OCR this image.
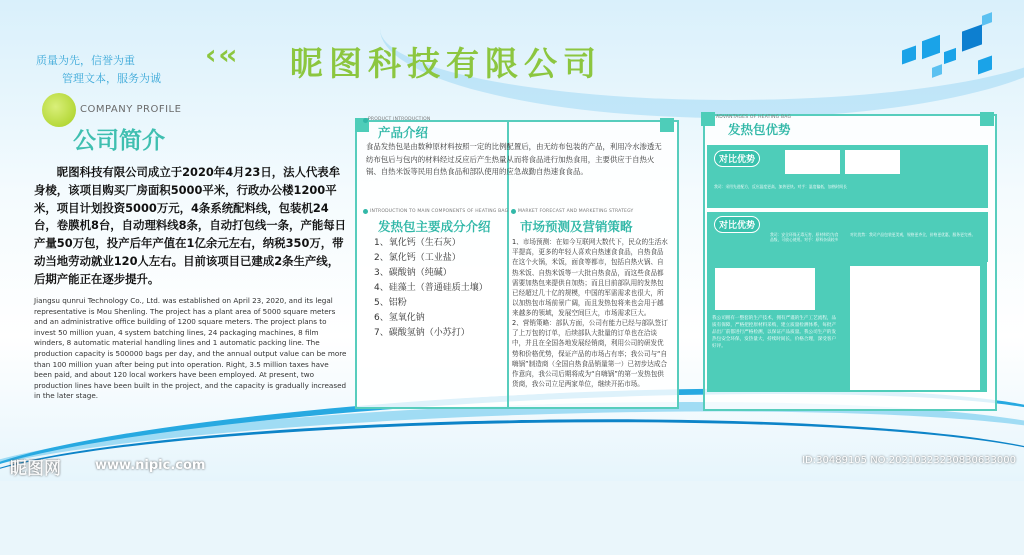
质量为先，信誉为重
管理文本，服务为诚
‹ ‹‹ 昵图科技有限公司
COMPANY PROFILE
公司简介
昵图科技有限公司成立于2020年4月23日，法人代表牟身棱，该项目购买厂房面积5000平米，行政办公楼1200平米，项目计划投资5000万元，4条系统配料线，包装机24台，卷膜机8台，自动理料线8条，自动打包线一条，产能每日产量50万包，投产后年产值在1亿余元左右，纳税350万，带动当地劳动就业120人左右。目前该项目已建成2条生产线，后期产能正在逐步提升。
Jiangsu qunrui Technology Co., Ltd. was established on April 23, 2020, and its legal representative is Mou Shenling. The project has a plant area of 5000 square meters and an administrative office building of 1200 square meters. The project plans to invest 50 million yuan, 4 system batching lines, 24 packaging machines, 8 film winders, 8 automatic material handling lines and 1 automatic packing line. The production capacity is 500000 bags per day, and the annual output value can be more than 100 million yuan after being put into operation. Right, 3.5 million taxes have been paid, and about 120 local workers have been employed. At present, two production lines have been built in the project, and the capacity is gradually increased in the later stage.
PRODUCT INTRODUCTION
产品介绍
食品发热包是由数种原材料按照一定的比例配置后，由无纺布包装的产品，利用冷水渗透无纺布包后与包内的材料经过反应后产生热量从而将食品进行加热食用，主要供应于自热火锅、自热米饭等民用自热食品和部队使用的应急战勤自热速食食品。
INTRODUCTION TO MAIN COMPONENTS OF HEATING BAG
发热包主要成分介绍
1、氧化钙（生石灰）
2、氯化钙（工业盐）
3、碳酸钠（纯碱）
4、硅藻土（普通硅质土壤）
5、铝粉
6、氢氧化钠
7、碳酸氢钠（小苏打）
MARKET FORECAST AND MARKETING STRATEGY
市场预测及营销策略
1、市场预测：在如今互联网大数代下，民众的生活水平提高，更多的年轻人喜欢自热速食食品，自热食品在这个火锅，米饭，面食等都市，包括自热火锅、自热米饭、自热米饭等一大批自热食品，而这些食品都需要加热包来提供自加热；而且目前部队用的发热包已经超过几十亿的规模，中国的军需需求也很大，所以加热包市场前景广阔，而且发热包将来也会用于越来越多的领域，发展空间巨大，市场需求巨大。
2、营销策略：部队方面，公司有能力已经与部队签订了上万包的订单，后续部队大批量的订单也在洽谈中，并且在全国各地发展经销商，利用公司的研发优势和价格优势，保证产品的市场占有率；我公司与“自嗨锅”制造商（全国自热食品销量第一）已初步达成合作意向，我公司后期将成为“自嗨锅”的第一发热包供货商，我公司立足两家单位，继续开拓市场。
ADVANTAGES OF HEATING BAG
发热包优势
对比优势
我司：采用先进配方，反应温度更高，加热更快。对手：温度偏低，加热时间长
对比优势
我司：安全环保无毒无害，原材料均为食品级，可放心使用。对手：原料杂质较多
对比优势：我司产品包装更美观，规格更齐全，价格更优惠，服务更完善。
我公司拥有一整套的生产技术，拥有严谨的生产工艺流程，品质有保障，严格把控原材料采购，建立质量检测体系，每批产品出厂前都进行严格检测，以保证产品质量。我公司生产的发热包安全环保，发热量大，持续时间长，价格合理，深受客户好评。
昵图网	www.nipic.com	ID:30489105 NO:20210323230830633000
